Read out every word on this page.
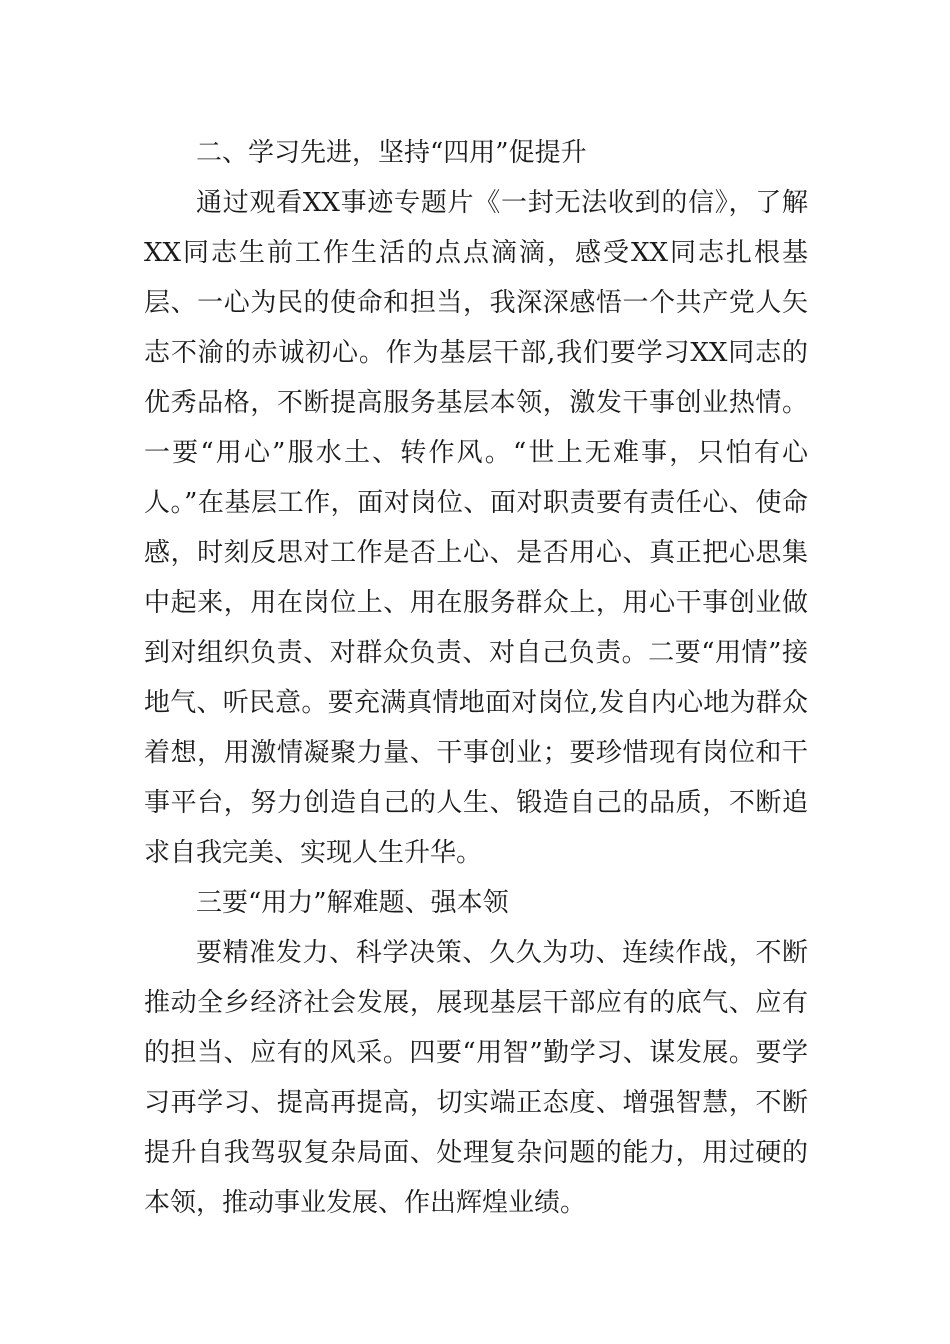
二、学习先进，坚持“四用”促提升

通过观看XX事迹专题片《一封无法收到的信》，了解XX同志生前工作生活的点点滴滴，感受XX同志扎根基层、一心为民的使命和担当，我深深感悟一个共产党人矢志不渝的赤诚初心。作为基层干部,我们要学习XX同志的优秀品格，不断提高服务基层本领，激发干事创业热情。一要“用心”服水土、转作风。“世上无难事，只怕有心人。”在基层工作，面对岗位、面对职责要有责任心、使命感，时刻反思对工作是否上心、是否用心、真正把心思集中起来，用在岗位上、用在服务群众上，用心干事创业做到对组织负责、对群众负责、对自己负责。二要“用情”接地气、听民意。要充满真情地面对岗位,发自内心地为群众着想，用激情凝聚力量、干事创业；要珍惜现有岗位和干事平台，努力创造自己的人生、锻造自己的品质，不断追求自我完美、实现人生升华。

三要“用力”解难题、强本领

要精准发力、科学决策、久久为功、连续作战，不断推动全乡经济社会发展，展现基层干部应有的底气、应有的担当、应有的风采。四要“用智”勤学习、谋发展。要学习再学习、提高再提高，切实端正态度、增强智慧，不断提升自我驾驭复杂局面、处理复杂问题的能力，用过硬的本领，推动事业发展、作出辉煌业绩。
